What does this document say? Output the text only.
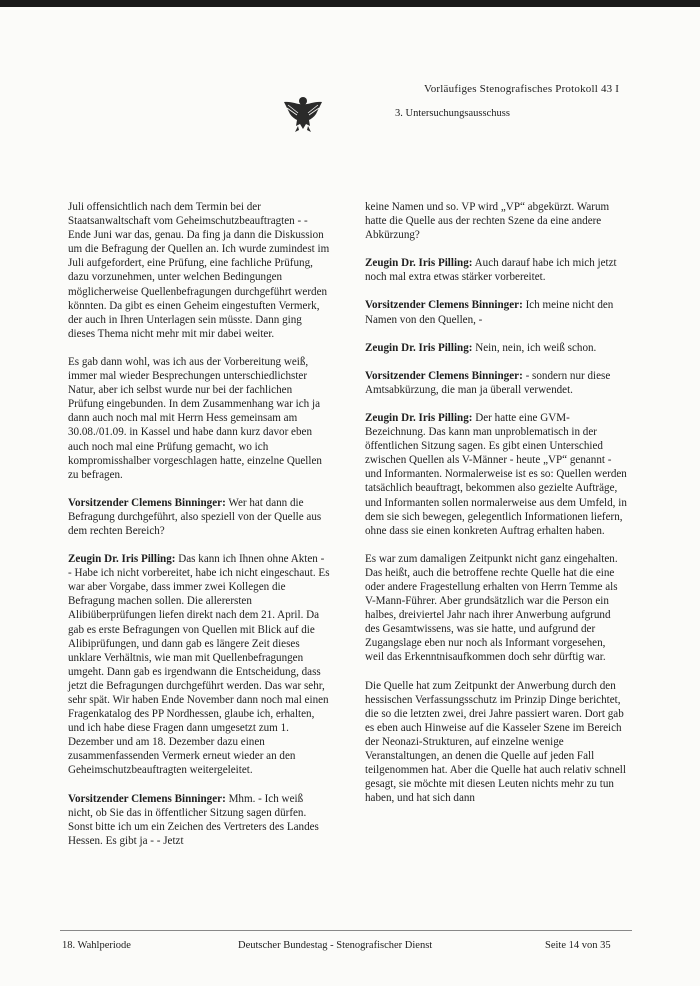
Vorläufiges Stenografisches Protokoll 43 I
3. Untersuchungsausschuss

Juli offensichtlich nach dem Termin bei der Staatsanwaltschaft vom Geheimschutzbeauftragten - - Ende Juni war das, genau. Da fing ja dann die Diskussion um die Befragung der Quellen an. Ich wurde zumindest im Juli aufgefordert, eine Prüfung, eine fachliche Prüfung, dazu vorzunehmen, unter welchen Bedingungen möglicherweise Quellenbefragungen durchgeführt werden könnten. Da gibt es einen Geheim eingestuften Vermerk, der auch in Ihren Unterlagen sein müsste. Dann ging dieses Thema nicht mehr mit mir dabei weiter.

Es gab dann wohl, was ich aus der Vorbereitung weiß, immer mal wieder Besprechungen unterschiedlichster Natur, aber ich selbst wurde nur bei der fachlichen Prüfung eingebunden. In dem Zusammenhang war ich ja dann auch noch mal mit Herrn Hess gemeinsam am 30.08./01.09. in Kassel und habe dann kurz davor eben auch noch mal eine Prüfung gemacht, wo ich kompromisshalber vorgeschlagen hatte, einzelne Quellen zu befragen.

Vorsitzender Clemens Binninger: Wer hat dann die Befragung durchgeführt, also speziell von der Quelle aus dem rechten Bereich?

Zeugin Dr. Iris Pilling: Das kann ich Ihnen ohne Akten - - Habe ich nicht vorbereitet, habe ich nicht eingeschaut. Es war aber Vorgabe, dass immer zwei Kollegen die Befragung machen sollen. Die allerersten Alibiüberprüfungen liefen direkt nach dem 21. April. Da gab es erste Befragungen von Quellen mit Blick auf die Alibiprüfungen, und dann gab es längere Zeit dieses unklare Verhältnis, wie man mit Quellenbefragungen umgeht. Dann gab es irgendwann die Entscheidung, dass jetzt die Befragungen durchgeführt werden. Das war sehr, sehr spät. Wir haben Ende November dann noch mal einen Fragenkatalog des PP Nordhessen, glaube ich, erhalten, und ich habe diese Fragen dann umgesetzt zum 1. Dezember und am 18. Dezember dazu einen zusammenfassenden Vermerk erneut wieder an den Geheimschutzbeauftragten weitergeleitet.

Vorsitzender Clemens Binninger: Mhm. - Ich weiß nicht, ob Sie das in öffentlicher Sitzung sagen dürfen. Sonst bitte ich um ein Zeichen des Vertreters des Landes Hessen. Es gibt ja - - Jetzt

keine Namen und so. VP wird „VP“ abgekürzt. Warum hatte die Quelle aus der rechten Szene da eine andere Abkürzung?

Zeugin Dr. Iris Pilling: Auch darauf habe ich mich jetzt noch mal extra etwas stärker vorbereitet.

Vorsitzender Clemens Binninger: Ich meine nicht den Namen von den Quellen, -

Zeugin Dr. Iris Pilling: Nein, nein, ich weiß schon.

Vorsitzender Clemens Binninger: - sondern nur diese Amtsabkürzung, die man ja überall verwendet.

Zeugin Dr. Iris Pilling: Der hatte eine GVM-Bezeichnung. Das kann man unproblematisch in der öffentlichen Sitzung sagen. Es gibt einen Unterschied zwischen Quellen als V-Männer - heute „VP“ genannt - und Informanten. Normalerweise ist es so: Quellen werden tatsächlich beauftragt, bekommen also gezielte Aufträge, und Informanten sollen normalerweise aus dem Umfeld, in dem sie sich bewegen, gelegentlich Informationen liefern, ohne dass sie einen konkreten Auftrag erhalten haben.

Es war zum damaligen Zeitpunkt nicht ganz eingehalten. Das heißt, auch die betroffene rechte Quelle hat die eine oder andere Fragestellung erhalten von Herrn Temme als V-Mann-Führer. Aber grundsätzlich war die Person ein halbes, dreiviertel Jahr nach ihrer Anwerbung aufgrund des Gesamtwissens, was sie hatte, und aufgrund der Zugangslage eben nur noch als Informant vorgesehen, weil das Erkenntnisaufkommen doch sehr dürftig war.

Die Quelle hat zum Zeitpunkt der Anwerbung durch den hessischen Verfassungsschutz im Prinzip Dinge berichtet, die so die letzten zwei, drei Jahre passiert waren. Dort gab es eben auch Hinweise auf die Kasseler Szene im Bereich der Neonazi-Strukturen, auf einzelne wenige Veranstaltungen, an denen die Quelle auf jeden Fall teilgenommen hat. Aber die Quelle hat auch relativ schnell gesagt, sie möchte mit diesen Leuten nichts mehr zu tun haben, und hat sich dann

18. Wahlperiode	Deutscher Bundestag - Stenografischer Dienst	Seite 14 von 35
